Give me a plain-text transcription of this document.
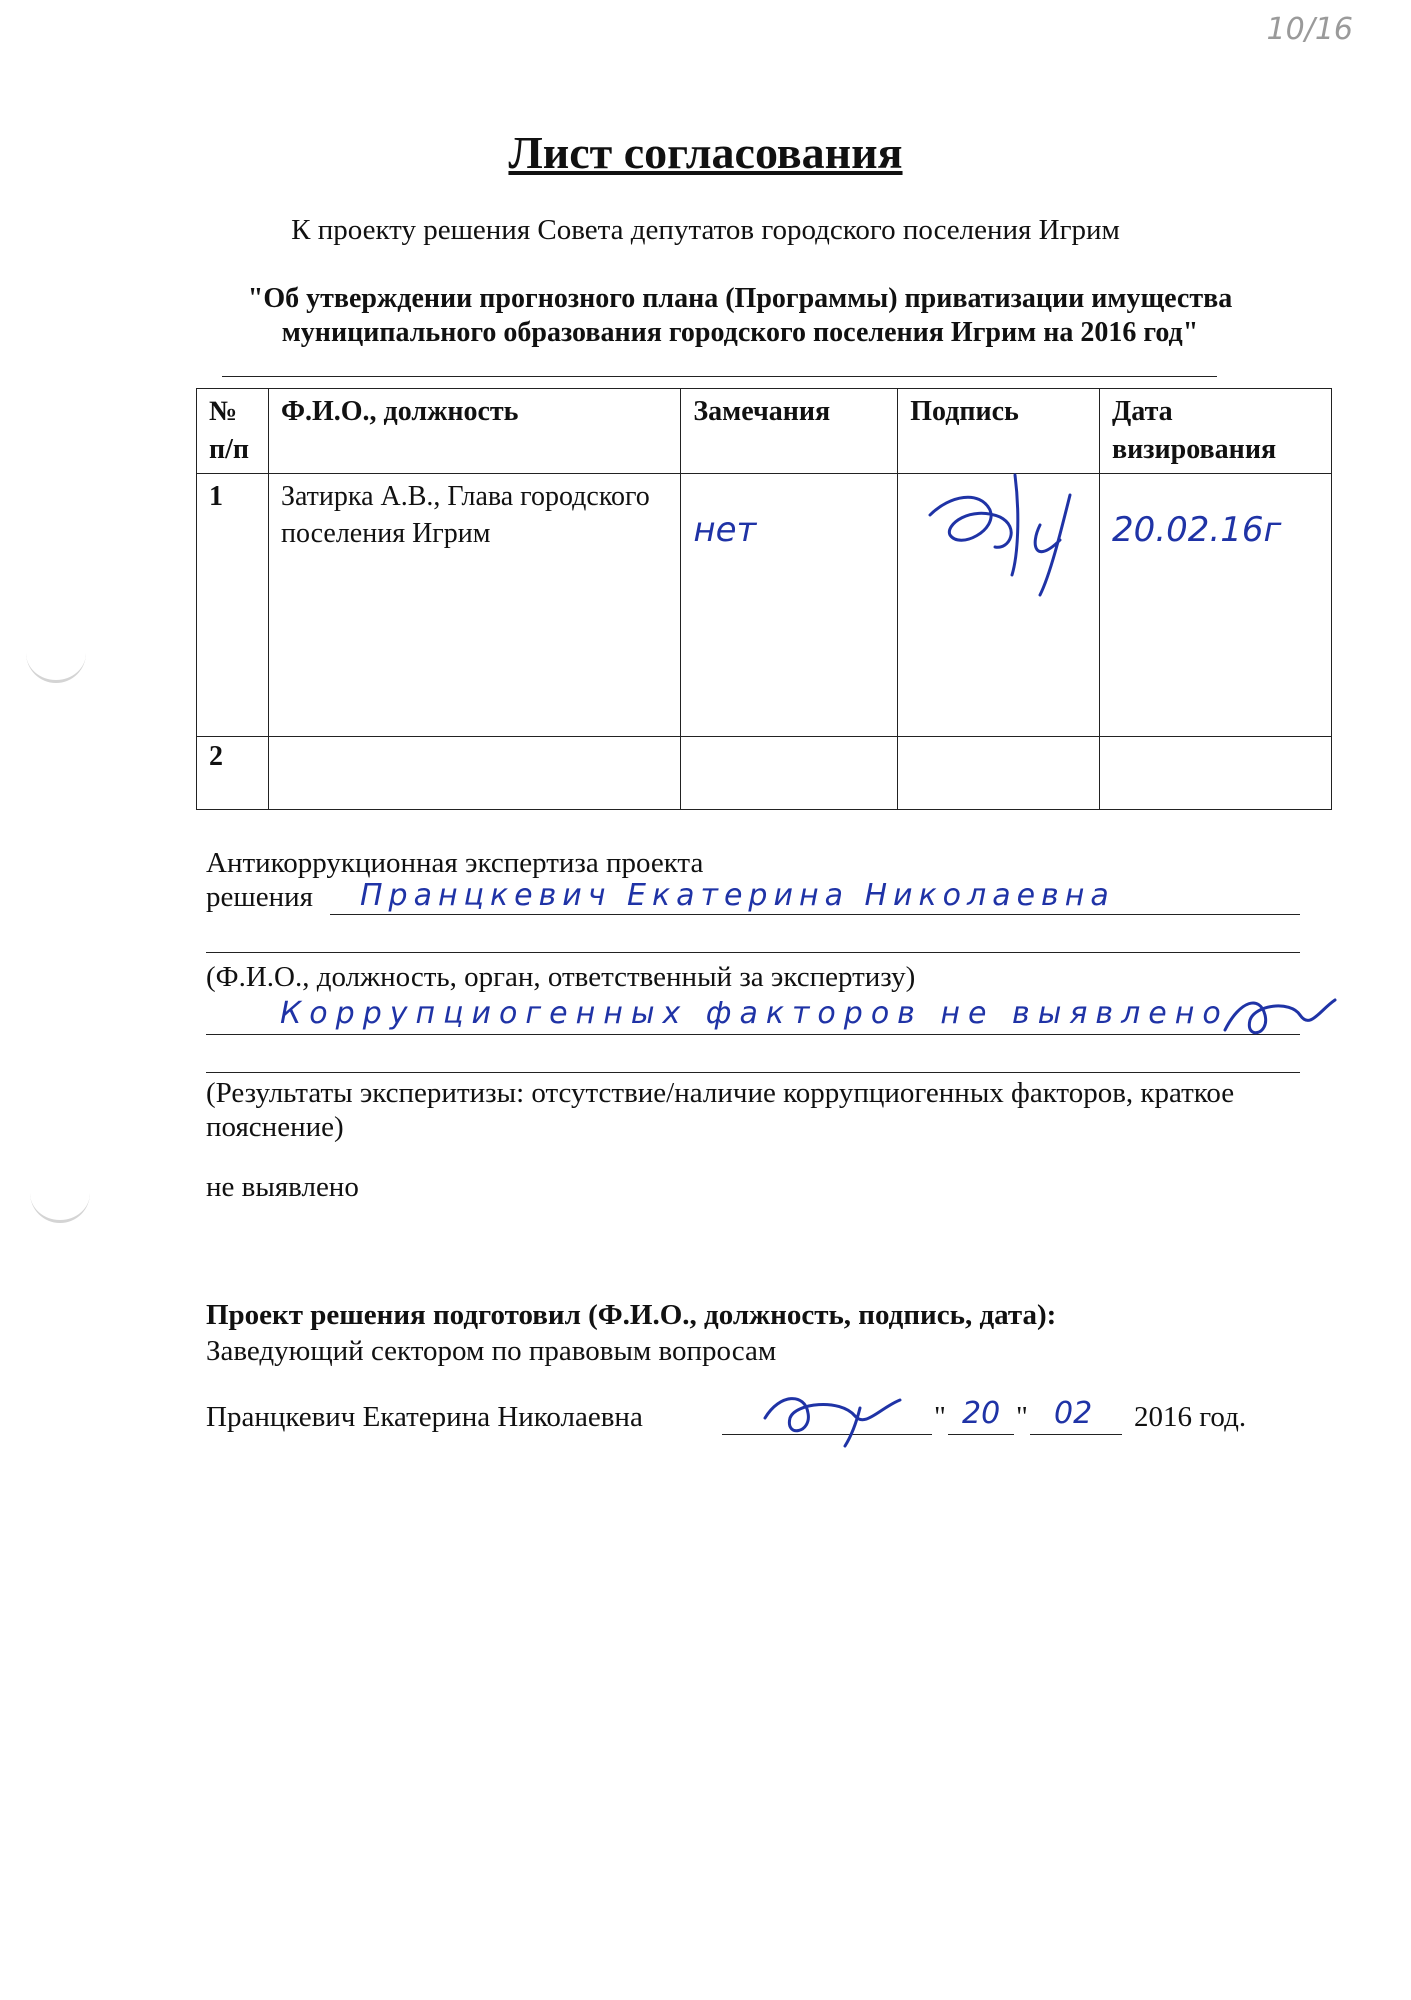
10/16
Лист согласования
К проекту решения Совета депутатов городского поселения Игрим
"Об утверждении прогнозного плана (Программы) приватизации имущества муниципального образования городского поселения Игрим на 2016 год"
№ п/п	Ф.И.О., должность	Замечания	Подпись	Дата визирования
1	Затирка А.В., Глава городского поселения Игрим	нет		20.02.16г
2				
Антикоррукционная экспертиза проекта
решения Пранцкевич Екатерина Николаевна
(Ф.И.О., должность, орган, ответственный за экспертизу)
Коррупциогенных факторов не выявлено
(Результаты эксперитизы: отсутствие/наличие коррупциогенных факторов, краткое пояснение)
не выявлено
Проект решения подготовил (Ф.И.О., должность, подпись, дата):
Заведующий сектором по правовым вопросам
Пранцкевич Екатерина Николаевна	" 20 " 02 2016 год.
